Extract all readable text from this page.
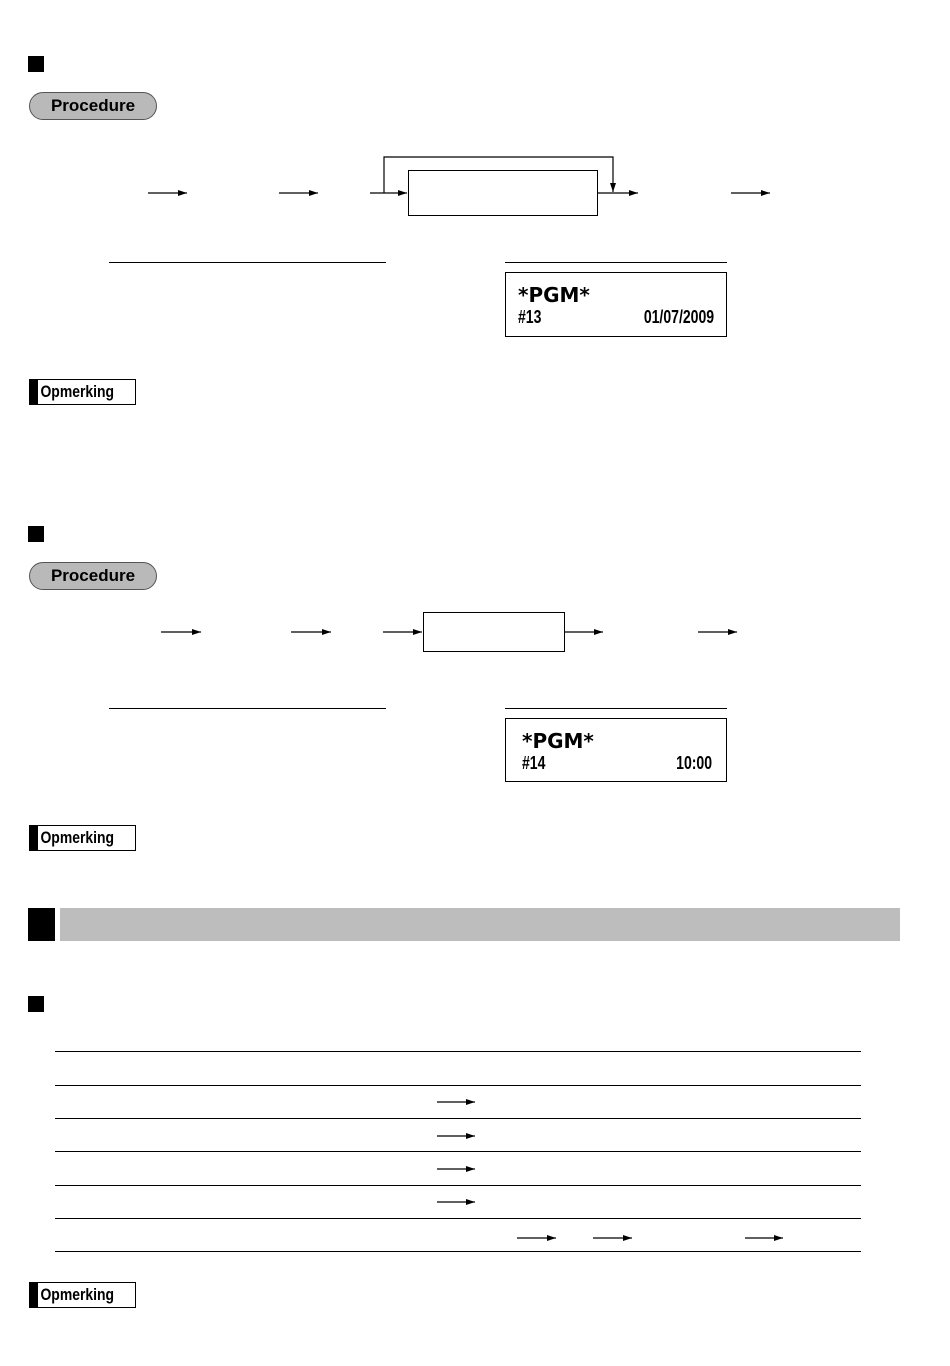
Procedure
*PGM*
#13	01/07/2009
Opmerking
Procedure
*PGM*
#14	10:00
Opmerking
Opmerking
